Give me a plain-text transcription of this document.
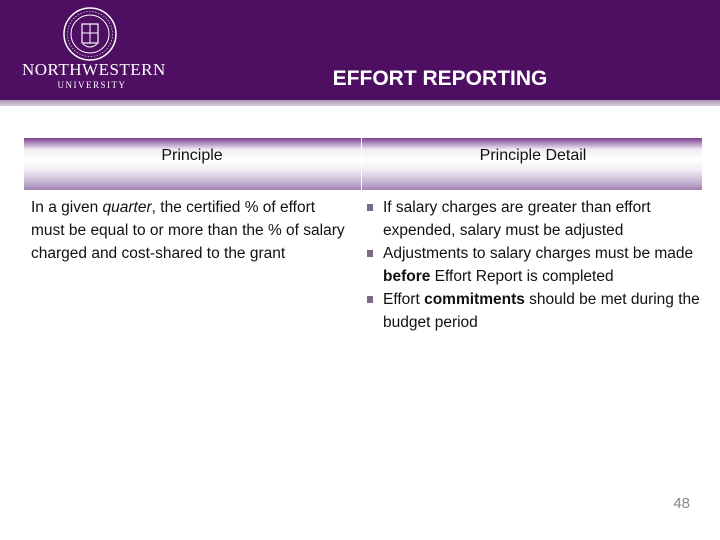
NORTHWESTERN
UNIVERSITY	EFFORT REPORTING
Principle	Principle Detail
In a given quarter, the certified % of effort must be equal to or more than the % of salary charged and cost-shared to the grant
If salary charges are greater than effort expended, salary must be adjusted
Adjustments to salary charges must be made before Effort Report is completed
Effort commitments should be met during the budget period
48
